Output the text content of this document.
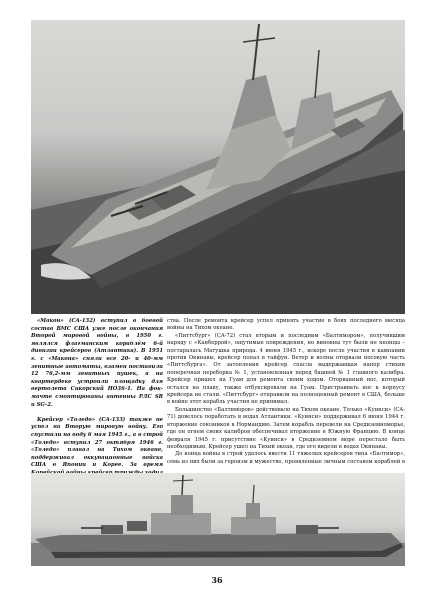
«Макон» (CA-132) вступил в боевой состав ВМС США уже после окончания Второй мировой войны, в 1950 г. являлся флагманским кораблём 6-й дивизии крейсеров (Атлантика). В 1951 г. с «Макона» сняли все 20- и 40-мм зенитные автоматы, взамен поставили 12 76,2-мм зенитных пушек, а на квартердеке устроили площадку для вертолета Сикорский HO3S-1. На фок-мачте смонтированы антенны РЛС SR и SG-2.

Крейсер «Толедо» (CA-133) также не успел на Вторую мировую войну. Его спустили на воду 6 мая 1945 г., а в строй «Толедо» вступил 27 октября 1946 г. «Толедо» плавал на Тихом океане, поддерживал оккупационные войска США в Японии и Корее. За время

ства. После ремонта крейсер успел принять участие в боях последнего месяца войны на Тихом океане.

«Питтсбург» (CA-72) стал вторым и последним «Балтимором», получившим наряду с «Канберрой», ощутимые повреждения, но виновны тут были не японцы – постаралась Матушка природа. 4 июня 1945 г., вскоре после участия в кампании против Окинавы, крейсер попал в тайфун. Ветер и волны оторвали носовую часть «Питтсбурга». От затопления крейсер спасла выдержавшая напор стихии поперечная переборка № 1, установленная перед башней № 1 главного калибра. Крейсер пришел на Гуам для ремонта своим ходом. Оторванный нос, который остался на плаву, также отбуксировали на Гуам. Пристраивать нос к корпусу крейсера не стали. «Питтсбург» отправили на полноценный ремонт в США, больше в войне этот корабль участия не принимал.

Большинство «Балтиморов» действовало на Тихом океане. Только «Куинси» (CA-71) довелось поработать в водах Атлантики. «Куинси» поддерживал 6 июня 1944 г. вторжение союзников в Нормандию. Затем корабль перевели на Средиземноморье, где он огнем своих калибров обеспечивал вторжение в Южную Францию. В конце февраля 1945 г. присутствие «Куинси» в Средиземном море перестало быть необходимым. Крейсер ушел на Тихий океан, где его видели в водах Окинавы.

До конца войны в строй удалось ввести 11 тяжелых крейсеров типа «Балтимор», семь из них были за героизм и мужество, проявленные личным составом кораблей в

36
